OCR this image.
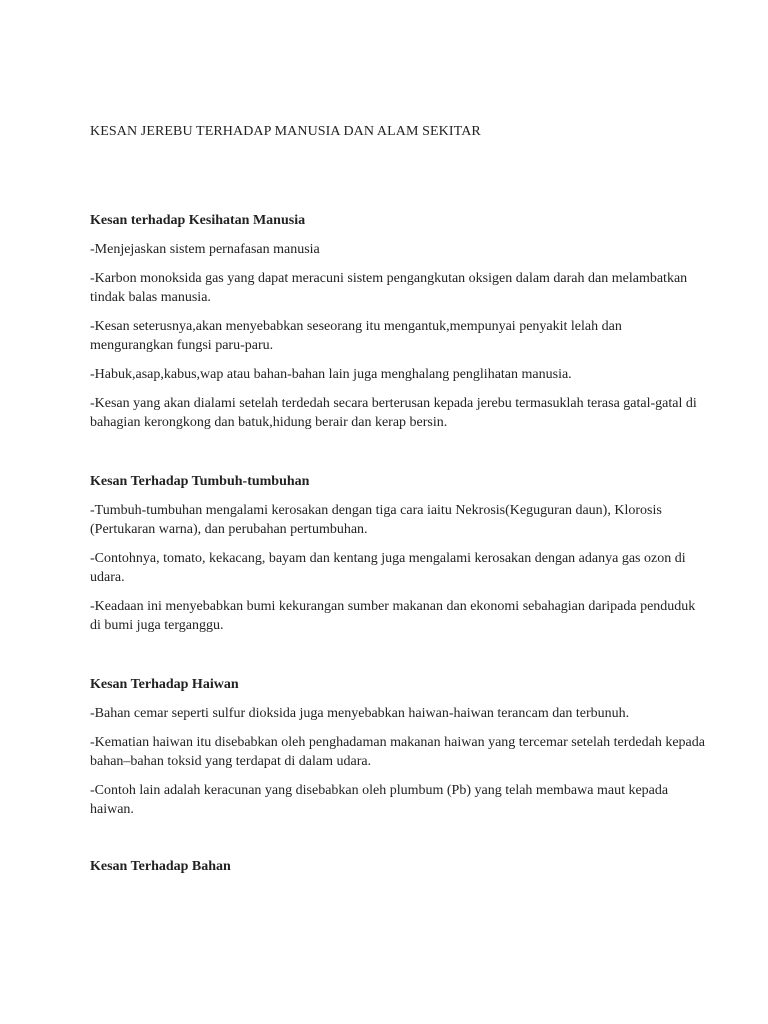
KESAN JEREBU TERHADAP MANUSIA DAN ALAM SEKITAR

Kesan terhadap Kesihatan Manusia

-Menjejaskan sistem pernafasan manusia

-Karbon monoksida gas yang dapat meracuni sistem pengangkutan oksigen dalam darah dan melambatkan tindak balas manusia.

-Kesan seterusnya,akan menyebabkan seseorang itu mengantuk,mempunyai penyakit lelah dan mengurangkan fungsi paru-paru.

-Habuk,asap,kabus,wap atau bahan-bahan lain juga menghalang penglihatan manusia.

-Kesan yang akan dialami setelah terdedah secara berterusan kepada jerebu termasuklah terasa gatal-gatal di bahagian kerongkong dan batuk,hidung berair dan kerap bersin.

Kesan Terhadap Tumbuh-tumbuhan

-Tumbuh-tumbuhan mengalami kerosakan dengan tiga cara iaitu Nekrosis(Keguguran daun), Klorosis (Pertukaran warna), dan perubahan pertumbuhan.

-Contohnya, tomato, kekacang, bayam dan kentang juga mengalami kerosakan dengan adanya gas ozon di udara.

-Keadaan ini menyebabkan bumi kekurangan sumber makanan dan ekonomi sebahagian daripada penduduk di bumi juga terganggu.

Kesan Terhadap Haiwan

-Bahan cemar seperti sulfur dioksida juga menyebabkan haiwan-haiwan terancam dan terbunuh.

-Kematian haiwan itu disebabkan oleh penghadaman makanan haiwan yang tercemar setelah terdedah kepada bahan–bahan toksid yang terdapat di dalam udara.

-Contoh lain adalah keracunan yang disebabkan oleh plumbum (Pb) yang telah membawa maut kepada haiwan.

Kesan Terhadap Bahan
